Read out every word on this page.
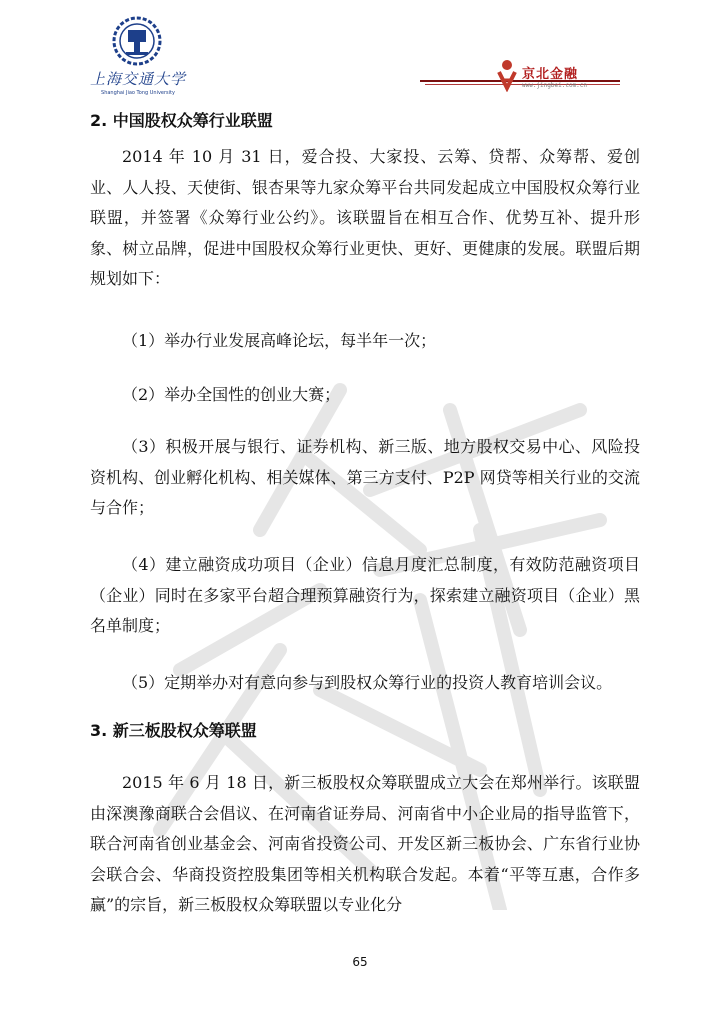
上海交通大学
Shanghai Jiao Tong University
京北金融
www.jingbei.com.cn
2. 中国股权众筹行业联盟

2014 年 10 月 31 日，爱合投、大家投、云筹、贷帮、众筹帮、爱创业、人人投、天使街、银杏果等九家众筹平台共同发起成立中国股权众筹行业联盟，并签署《众筹行业公约》。该联盟旨在相互合作、优势互补、提升形象、树立品牌，促进中国股权众筹行业更快、更好、更健康的发展。联盟后期规划如下：

（1）举办行业发展高峰论坛，每半年一次；

（2）举办全国性的创业大赛；

（3）积极开展与银行、证券机构、新三版、地方股权交易中心、风险投资机构、创业孵化机构、相关媒体、第三方支付、P2P 网贷等相关行业的交流与合作；

（4）建立融资成功项目（企业）信息月度汇总制度，有效防范融资项目（企业）同时在多家平台超合理预算融资行为，探索建立融资项目（企业）黑名单制度；

（5）定期举办对有意向参与到股权众筹行业的投资人教育培训会议。

3. 新三板股权众筹联盟

2015 年 6 月 18 日，新三板股权众筹联盟成立大会在郑州举行。该联盟由深澳豫商联合会倡议、在河南省证券局、河南省中小企业局的指导监管下，联合河南省创业基金会、河南省投资公司、开发区新三板协会、广东省行业协会联合会、华商投资控股集团等相关机构联合发起。本着“平等互惠，合作多赢”的宗旨，新三板股权众筹联盟以专业化分

65
